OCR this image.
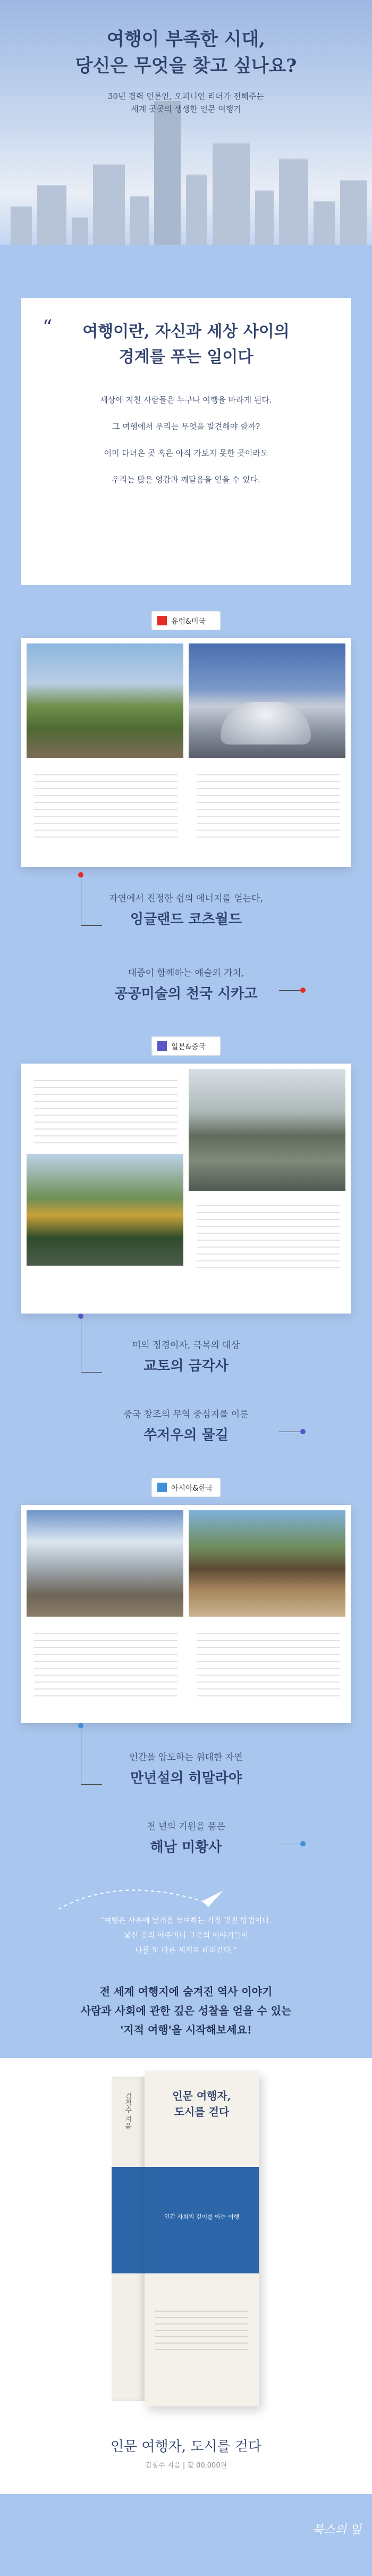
여행이 부족한 시대,
당신은 무엇을 찾고 싶나요?
30년 경력 언론인, 오피니언 리더가 전해주는
세계 곳곳의 생생한 인문 여행기
“	여행이란, 자신과 세상 사이의
경계를 푸는 일이다
세상에 지친 사람들은 누구나 여행을 바라게 된다.
그 여행에서 우리는 무엇을 발견해야 할까?
이미 다녀온 곳 혹은 아직 가보지 못한 곳이라도
우리는 많은 영감과 깨달음을 얻을 수 있다.
유럽&미국
자연에서 진정한 쉼의 에너지를 얻는다,
잉글랜드 코츠월드
대중이 함께하는 예술의 가치,
공공미술의 천국 시카고
일본&중국
미의 정경이자, 극복의 대상
교토의 금각사
중국 창조의 무역 중심지를 이룬
쑤저우의 물길
아시아&한국
인간을 압도하는 위대한 자연
만년설의 히말라야
천 년의 기원을 품은
해남 미황사
“여행은 사유에 날개를 부여하는 가장 멋진 방법이다.
낯선 곳의 아주머니 그곳의 이야기들이
나를 또 다른 세계로 데려간다.”
전 세계 여행지에 숨겨진 역사 이야기
사람과 사회에 관한 깊은 성찰을 얻을 수 있는
'지적 여행'을 시작해보세요!
김철수 지음	인문 여행자,
도시를 걷다
인간 사회의 깊이를 아는 여행
인문 여행자, 도시를 걷다
김철수 지음 | 값 00,000원
북스의 잎
